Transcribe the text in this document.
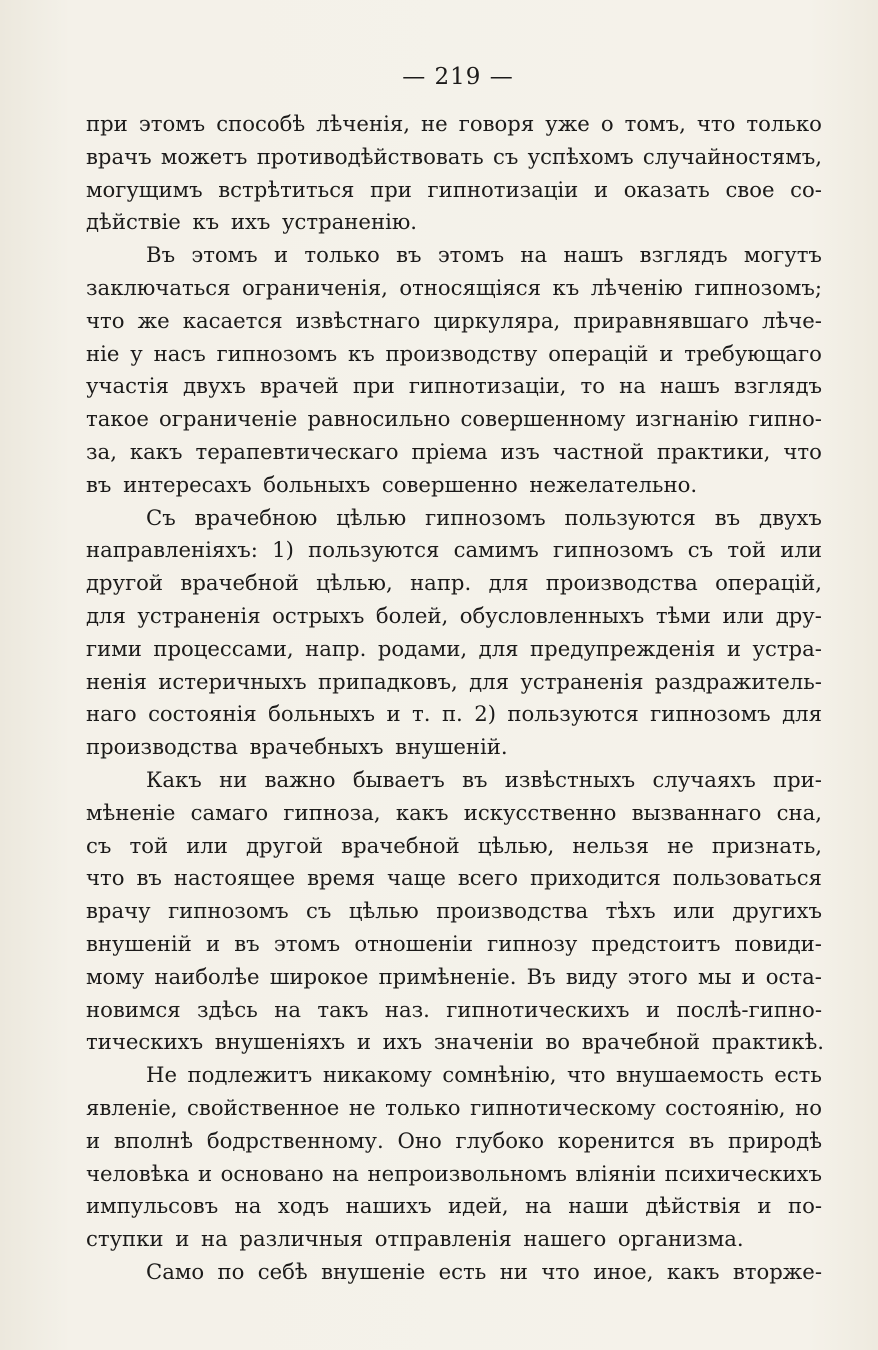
— 219 —
при этомъ способѣ лѣченія, не говоря уже о томъ, что только
врачъ можетъ противодѣйствовать съ успѣхомъ случайностямъ,
могущимъ встрѣтиться при гипнотизаціи и оказать свое со-
дѣйствіе къ ихъ устраненію.
Въ этомъ и только въ этомъ на нашъ взглядъ могутъ
заключаться ограниченія, относящіяся къ лѣченію гипнозомъ;
что же касается извѣстнаго циркуляра, приравнявшаго лѣче-
ніе у насъ гипнозомъ къ производству операцій и требующаго
участія двухъ врачей при гипнотизаціи, то на нашъ взглядъ
такое ограниченіе равносильно совершенному изгнанію гипно-
за, какъ терапевтическаго пріема изъ частной практики, что
въ интересахъ больныхъ совершенно нежелательно.
Съ врачебною цѣлью гипнозомъ пользуются въ двухъ
направленіяхъ: 1) пользуются самимъ гипнозомъ съ той или
другой врачебной цѣлью, напр. для производства операцій,
для устраненія острыхъ болей, обусловленныхъ тѣми или дру-
гими процессами, напр. родами, для предупрежденія и устра-
ненія истеричныхъ припадковъ, для устраненія раздражитель-
наго состоянія больныхъ и т. п. 2) пользуются гипнозомъ для
производства врачебныхъ внушеній.
Какъ ни важно бываетъ въ извѣстныхъ случаяхъ при-
мѣненіе самаго гипноза, какъ искусственно вызваннаго сна,
съ той или другой врачебной цѣлью, нельзя не признать,
что въ настоящее время чаще всего приходится пользоваться
врачу гипнозомъ съ цѣлью производства тѣхъ или другихъ
внушеній и въ этомъ отношеніи гипнозу предстоитъ повиди-
мому наиболѣе широкое примѣненіе. Въ виду этого мы и оста-
новимся здѣсь на такъ наз. гипнотическихъ и послѣ-гипно-
тическихъ внушеніяхъ и ихъ значеніи во врачебной практикѣ.
Не подлежитъ никакому сомнѣнію, что внушаемость есть
явленіе, свойственное не только гипнотическому состоянію, но
и вполнѣ бодрственному. Оно глубоко коренится въ природѣ
человѣка и основано на непроизвольномъ вліяніи психическихъ
импульсовъ на ходъ нашихъ идей, на наши дѣйствія и по-
ступки и на различныя отправленія нашего организма.
Само по себѣ внушеніе есть ни что иное, какъ вторже-
